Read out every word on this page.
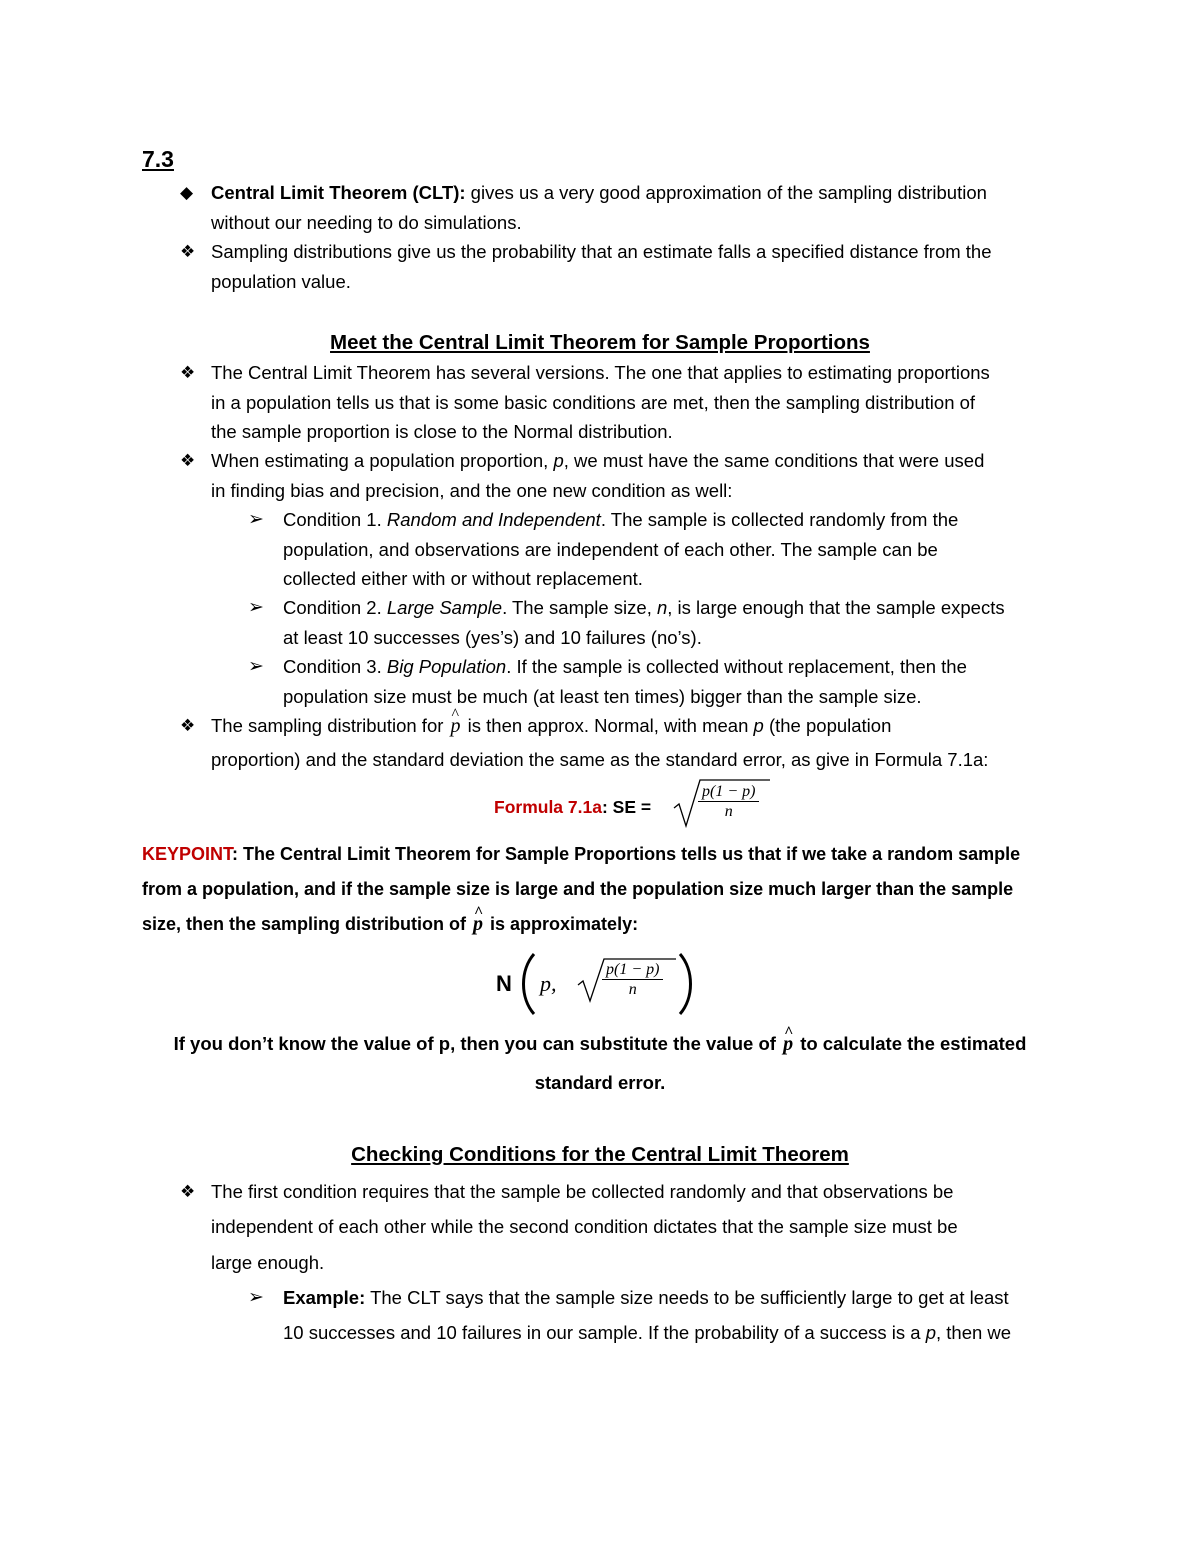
7.3
◆ Central Limit Theorem (CLT): gives us a very good approximation of the sampling distribution
without our needing to do simulations.
❖ Sampling distributions give us the probability that an estimate falls a specified distance from the
population value.
Meet the Central Limit Theorem for Sample Proportions
❖ The Central Limit Theorem has several versions. The one that applies to estimating proportions
in a population tells us that is some basic conditions are met, then the sampling distribution of
the sample proportion is close to the Normal distribution.
❖ When estimating a population proportion, p, we must have the same conditions that were used
in finding bias and precision, and the one new condition as well:
➢ Condition 1. Random and Independent. The sample is collected randomly from the
population, and observations are independent of each other. The sample can be
collected either with or without replacement.
➢ Condition 2. Large Sample. The sample size, n, is large enough that the sample expects
at least 10 successes (yes’s) and 10 failures (no’s).
➢ Condition 3. Big Population. If the sample is collected without replacement, then the
population size must be much (at least ten times) bigger than the sample size.
❖ The sampling distribution for ^ p is then approx. Normal, with mean p (the population
proportion) and the standard deviation the same as the standard error, as give in Formula 7.1a:
Formula 7.1a: SE =	$\frac{p(1 - p)}{n}$
KEYPOINT: The Central Limit Theorem for Sample Proportions tells us that if we take a random sample
from a population, and if the sample size is large and the population size much larger than the sample
size, then the sampling distribution of ^ p is approximately:
N p,	$\frac{p(1 - p)}{n}$
If you don’t know the value of p, then you can substitute the value of ^ p to calculate the estimated
standard error.
Checking Conditions for the Central Limit Theorem
❖ The first condition requires that the sample be collected randomly and that observations be
independent of each other while the second condition dictates that the sample size must be
large enough.
➢ Example: The CLT says that the sample size needs to be sufficiently large to get at least
10 successes and 10 failures in our sample. If the probability of a success is a p, then we
